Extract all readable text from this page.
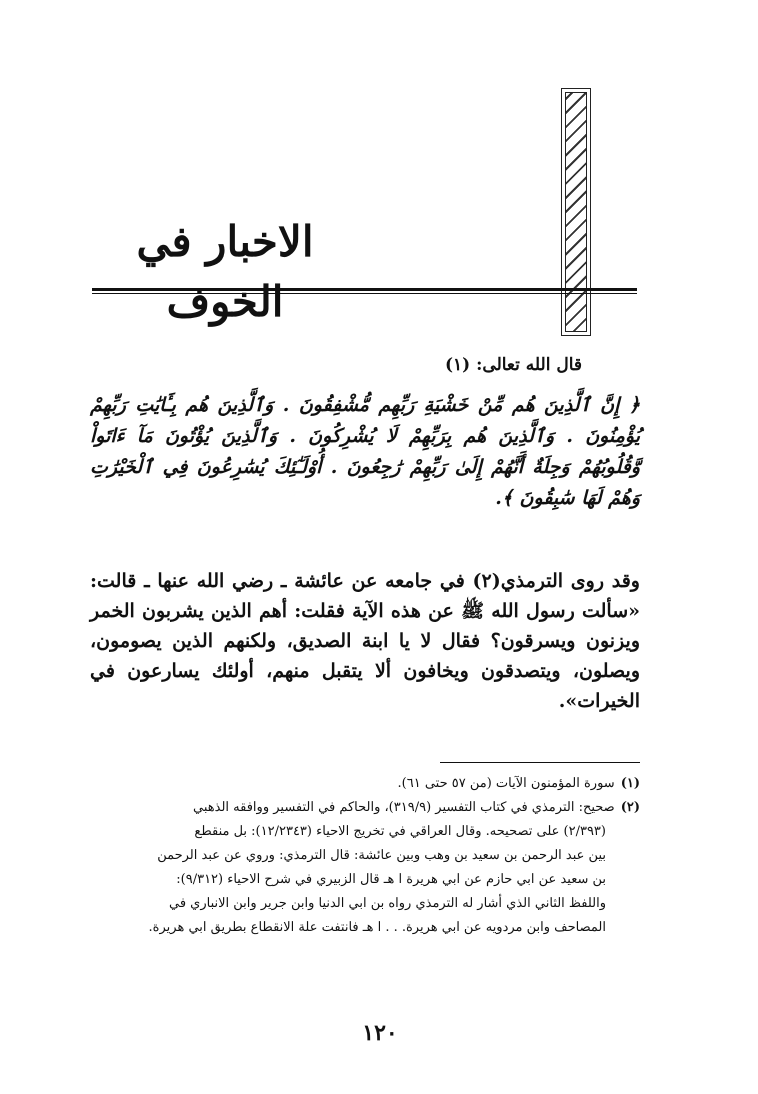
الاخبار في الخوف
قال الله تعالى: (١)
﴿ إِنَّ ٱلَّذِينَ هُم مِّنْ خَشْيَةِ رَبِّهِم مُّشْفِقُونَ . وَٱلَّذِينَ هُم بِـَٔايَٰتِ رَبِّهِمْ يُؤْمِنُونَ . وَٱلَّذِينَ هُم بِرَبِّهِمْ لَا يُشْرِكُونَ . وَٱلَّذِينَ يُؤْتُونَ مَآ ءَاتَواْ وَّقُلُوبُهُمْ وَجِلَةٌ أَنَّهُمْ إِلَىٰ رَبِّهِمْ رَٰجِعُونَ . أُوْلَـٰٓئِكَ يُسَٰرِعُونَ فِي ٱلْخَيْرَٰتِ وَهُمْ لَهَا سَٰبِقُونَ ﴾.
وقد روى الترمذي(٢) في جامعه عن عائشة ـ رضي الله عنها ـ قالت: «سألت رسول الله ﷺ عن هذه الآية فقلت: أهم الذين يشربون الخمر ويزنون ويسرقون؟ فقال لا يا ابنة الصديق، ولكنهم الذين يصومون، ويصلون، ويتصدقون ويخافون ألا يتقبل منهم، أولئك يسارعون في الخيرات».
(١)
سورة المؤمنون الآيات (من ٥٧ حتى ٦١).
(٢)
صحيح: الترمذي في كتاب التفسير (٣١٩/٩)، والحاكم في التفسير ووافقه الذهبي
(٢/٣٩٣) على تصحيحه. وقال العراقي في تخريج الاحياء (١٢/٢٣٤٣): بل منقطع
بين عبد الرحمن بن سعيد بن وهب وبين عائشة: قال الترمذي: وروي عن عبد الرحمن
بن سعيد عن ابي حازم عن ابي هريرة ا هـ قال الزبيري في شرح الاحياء (٩/٣١٢):
واللفظ الثاني الذي أشار له الترمذي رواه بن ابي الدنيا وابن جرير وابن الانباري في
المصاحف وابن مردويه عن ابي هريرة. . . ا هـ فانتفت علة الانقطاع بطريق ابي هريرة.
١٢٠
